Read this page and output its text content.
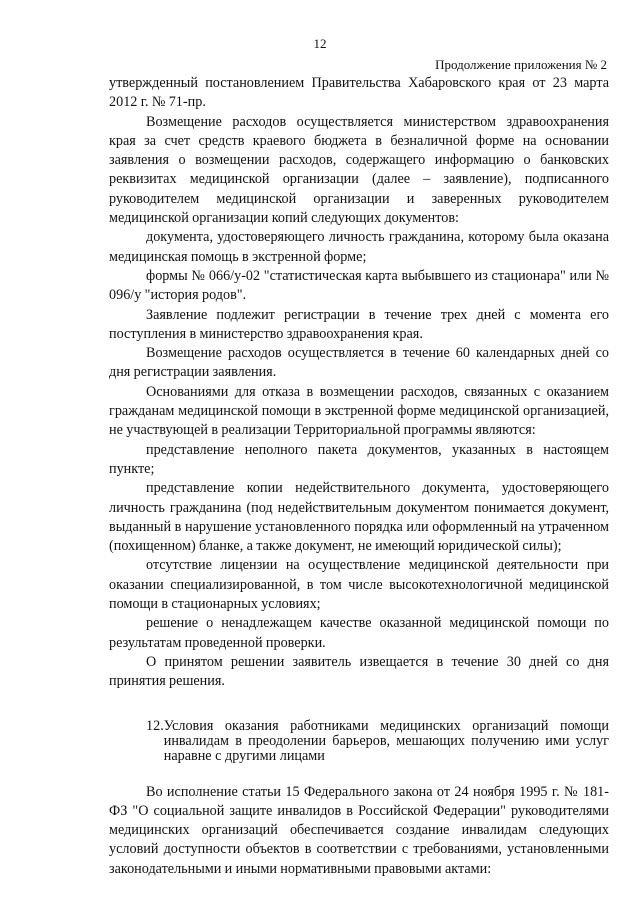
12
Продолжение приложения № 2

утвержденный постановлением Правительства Хабаровского края от 23 марта 2012 г. № 71-пр.

Возмещение расходов осуществляется министерством здравоохранения края за счет средств краевого бюджета в безналичной форме на основании заявления о возмещении расходов, содержащего информацию о банковских реквизитах медицинской организации (далее – заявление), подписанного руководителем медицинской организации и заверенных руководителем медицинской организации копий следующих документов:

документа, удостоверяющего личность гражданина, которому была оказана медицинская помощь в экстренной форме;

формы № 066/у-02 "статистическая карта выбывшего из стационара" или № 096/у "история родов".

Заявление подлежит регистрации в течение трех дней с момента его поступления в министерство здравоохранения края.

Возмещение расходов осуществляется в течение 60 календарных дней со дня регистрации заявления.

Основаниями для отказа в возмещении расходов, связанных с оказанием гражданам медицинской помощи в экстренной форме медицинской организацией, не участвующей в реализации Территориальной программы являются:

представление неполного пакета документов, указанных в настоящем пункте;

представление копии недействительного документа, удостоверяющего личность гражданина (под недействительным документом понимается документ, выданный в нарушение установленного порядка или оформленный на утраченном (похищенном) бланке, а также документ, не имеющий юридической силы);

отсутствие лицензии на осуществление медицинской деятельности при оказании специализированной, в том числе высокотехнологичной медицинской помощи в стационарных условиях;

решение о ненадлежащем качестве оказанной медицинской помощи по результатам проведенной проверки.

О принятом решении заявитель извещается в течение 30 дней со дня принятия решения.

12. Условия оказания работниками медицинских организаций помощи инвалидам в преодолении барьеров, мешающих получению ими услуг наравне с другими лицами

Во исполнение статьи 15 Федерального закона от 24 ноября 1995 г. № 181-ФЗ "О социальной защите инвалидов в Российской Федерации" руководителями медицинских организаций обеспечивается создание инвалидам следующих условий доступности объектов в соответствии с требованиями, установленными законодательными и иными нормативными правовыми актами:
